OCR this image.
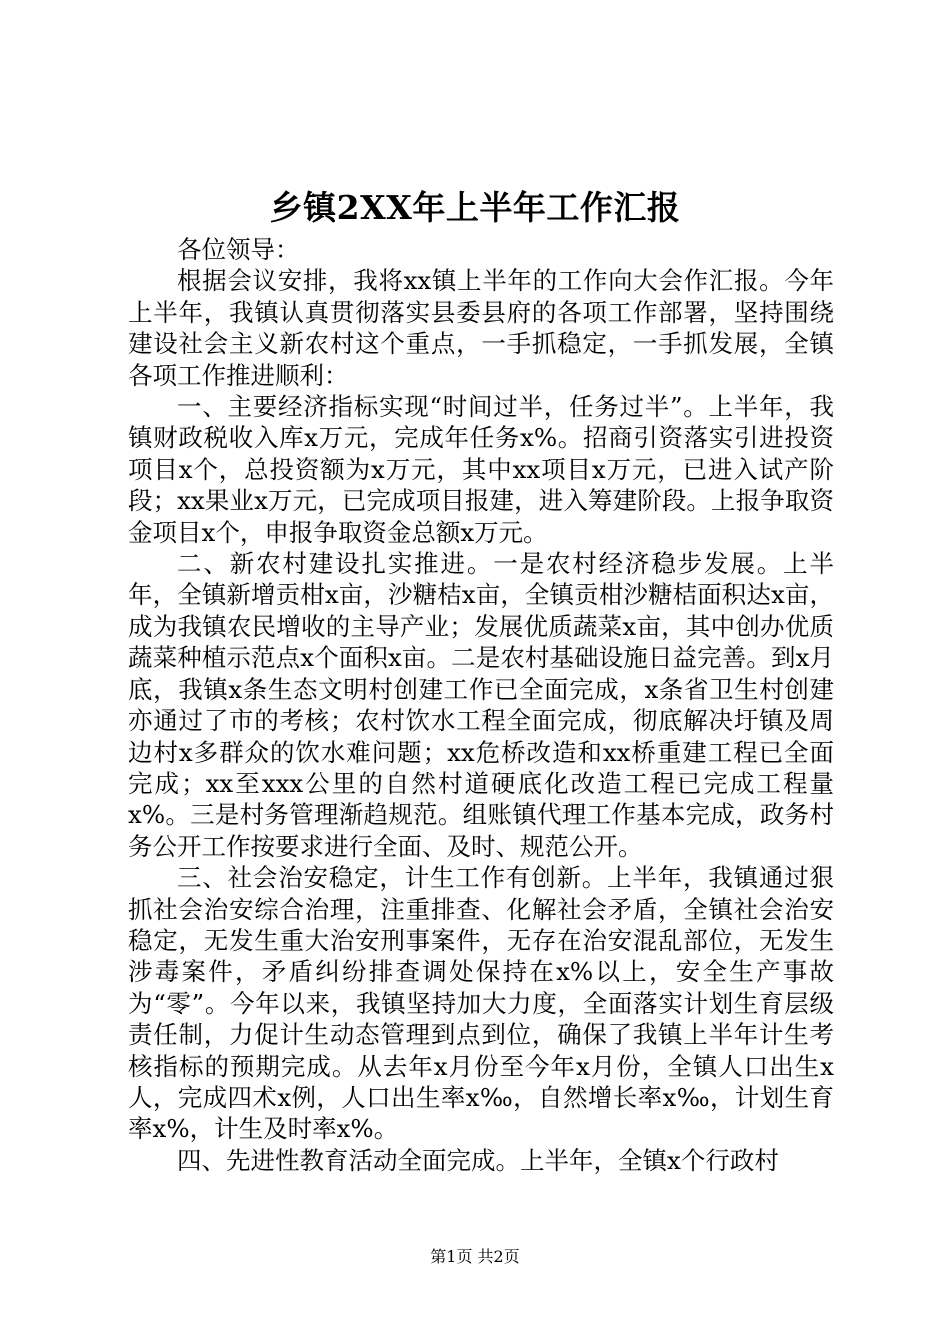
乡镇2XX年上半年工作汇报

各位领导：

根据会议安排，我将xx镇上半年的工作向大会作汇报。今年上半年，我镇认真贯彻落实县委县府的各项工作部署，坚持围绕建设社会主义新农村这个重点，一手抓稳定，一手抓发展，全镇各项工作推进顺利：

一、主要经济指标实现“时间过半，任务过半”。上半年，我镇财政税收入库x万元，完成年任务x%。招商引资落实引进投资项目x个，总投资额为x万元，其中xx项目x万元，已进入试产阶段；xx果业x万元，已完成项目报建，进入筹建阶段。上报争取资金项目x个，申报争取资金总额x万元。

二、新农村建设扎实推进。一是农村经济稳步发展。上半年，全镇新增贡柑x亩，沙糖桔x亩，全镇贡柑沙糖桔面积达x亩，成为我镇农民增收的主导产业；发展优质蔬菜x亩，其中创办优质蔬菜种植示范点x个面积x亩。二是农村基础设施日益完善。到x月底，我镇x条生态文明村创建工作已全面完成，x条省卫生村创建亦通过了市的考核；农村饮水工程全面完成，彻底解决圩镇及周边村x多群众的饮水难问题；xx危桥改造和xx桥重建工程已全面完成；xx至xxx公里的自然村道硬底化改造工程已完成工程量x%。三是村务管理渐趋规范。组账镇代理工作基本完成，政务村务公开工作按要求进行全面、及时、规范公开。

三、社会治安稳定，计生工作有创新。上半年，我镇通过狠抓社会治安综合治理，注重排查、化解社会矛盾，全镇社会治安稳定，无发生重大治安刑事案件，无存在治安混乱部位，无发生涉毒案件，矛盾纠纷排查调处保持在x%以上，安全生产事故为“零”。今年以来，我镇坚持加大力度，全面落实计划生育层级责任制，力促计生动态管理到点到位，确保了我镇上半年计生考核指标的预期完成。从去年x月份至今年x月份，全镇人口出生x人，完成四术x例，人口出生率x‰，自然增长率x‰，计划生育率x%，计生及时率x%。

四、先进性教育活动全面完成。上半年，全镇x个行政村

第1页 共2页
